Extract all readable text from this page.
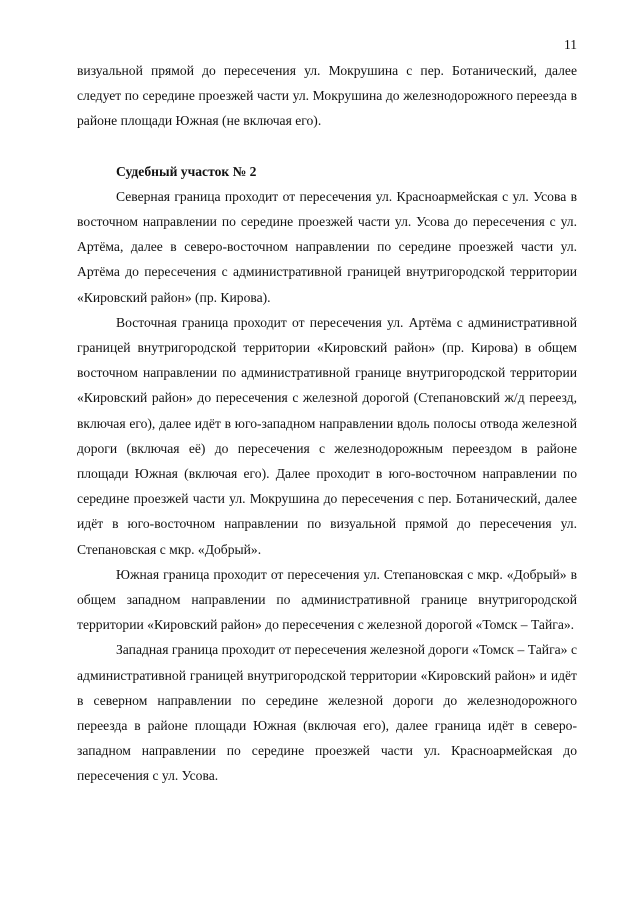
11

визуальной прямой до пересечения ул. Мокрушина с пер. Ботанический, далее следует по середине проезжей части ул. Мокрушина до железнодорожного переезда в районе площади Южная (не включая его).

Судебный участок № 2

Северная граница проходит от пересечения ул. Красноармейская с ул. Усова в восточном направлении по середине проезжей части ул. Усова до пересечения с ул. Артёма, далее в северо-восточном направлении по середине проезжей части ул. Артёма до пересечения с административной границей внутригородской территории «Кировский район» (пр. Кирова).

Восточная граница проходит от пересечения ул. Артёма с административной границей внутригородской территории «Кировский район» (пр. Кирова) в общем восточном направлении по административной границе внутригородской территории «Кировский район» до пересечения с железной дорогой (Степановский ж/д переезд, включая его), далее идёт в юго-западном направлении вдоль полосы отвода железной дороги (включая её) до пересечения с железнодорожным переездом в районе площади Южная (включая его). Далее проходит в юго-восточном направлении по середине проезжей части ул. Мокрушина до пересечения с пер. Ботанический, далее идёт в юго-восточном направлении по визуальной прямой до пересечения ул. Степановская с мкр. «Добрый».

Южная граница проходит от пересечения ул. Степановская с мкр. «Добрый» в общем западном направлении по административной границе внутригородской территории «Кировский район» до пересечения с железной дорогой «Томск – Тайга».

Западная граница проходит от пересечения железной дороги «Томск – Тайга» с административной границей внутригородской территории «Кировский район» и идёт в северном направлении по середине железной дороги до железнодорожного переезда в районе площади Южная (включая его), далее граница идёт в северо-западном направлении по середине проезжей части ул. Красноармейская до пересечения с ул. Усова.
